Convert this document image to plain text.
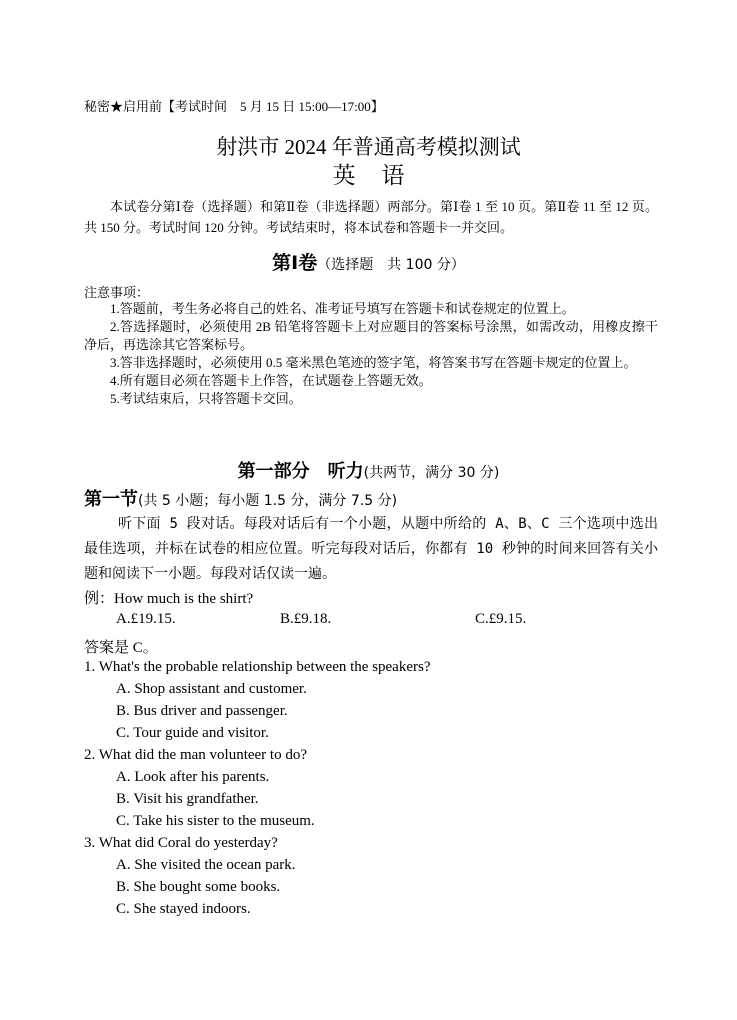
秘密★启用前【考试时间　5 月 15 日 15:00—17:00】
射洪市 2024 年普通高考模拟测试
英语
本试卷分第Ⅰ卷（选择题）和第Ⅱ卷（非选择题）两部分。第Ⅰ卷 1 至 10 页。第Ⅱ卷 11 至 12 页。共 150 分。考试时间 120 分钟。考试结束时，将本试卷和答题卡一并交回。
第Ⅰ卷（选择题　共 100 分）
注意事项：

1.答题前，考生务必将自己的姓名、准考证号填写在答题卡和试卷规定的位置上。

2.答选择题时，必须使用 2B 铅笔将答题卡上对应题目的答案标号涂黑，如需改动，用橡皮擦干净后，再选涂其它答案标号。

3.答非选择题时，必须使用 0.5 毫米黑色笔迹的签字笔，将答案书写在答题卡规定的位置上。

4.所有题目必须在答题卡上作答，在试题卷上答题无效。

5.考试结束后，只将答题卡交回。

第一部分　听力(共两节，满分 30 分)
第一节(共 5 小题；每小题 1.5 分，满分 7.5 分)
听下面 5 段对话。每段对话后有一个小题，从题中所给的 A、B、C 三个选项中选出最佳选项，并标在试卷的相应位置。听完每段对话后，你都有 10 秒钟的时间来回答有关小题和阅读下一小题。每段对话仅读一遍。
例：How much is the shirt?
A.£19.15.	B.£9.18.	C.£9.15.
答案是 C。
1. What's the probable relationship between the speakers?
A. Shop assistant and customer.
B. Bus driver and passenger.
C. Tour guide and visitor.
2. What did the man volunteer to do?
A. Look after his parents.
B. Visit his grandfather.
C. Take his sister to the museum.
3. What did Coral do yesterday?
A. She visited the ocean park.
B. She bought some books.
C. She stayed indoors.
